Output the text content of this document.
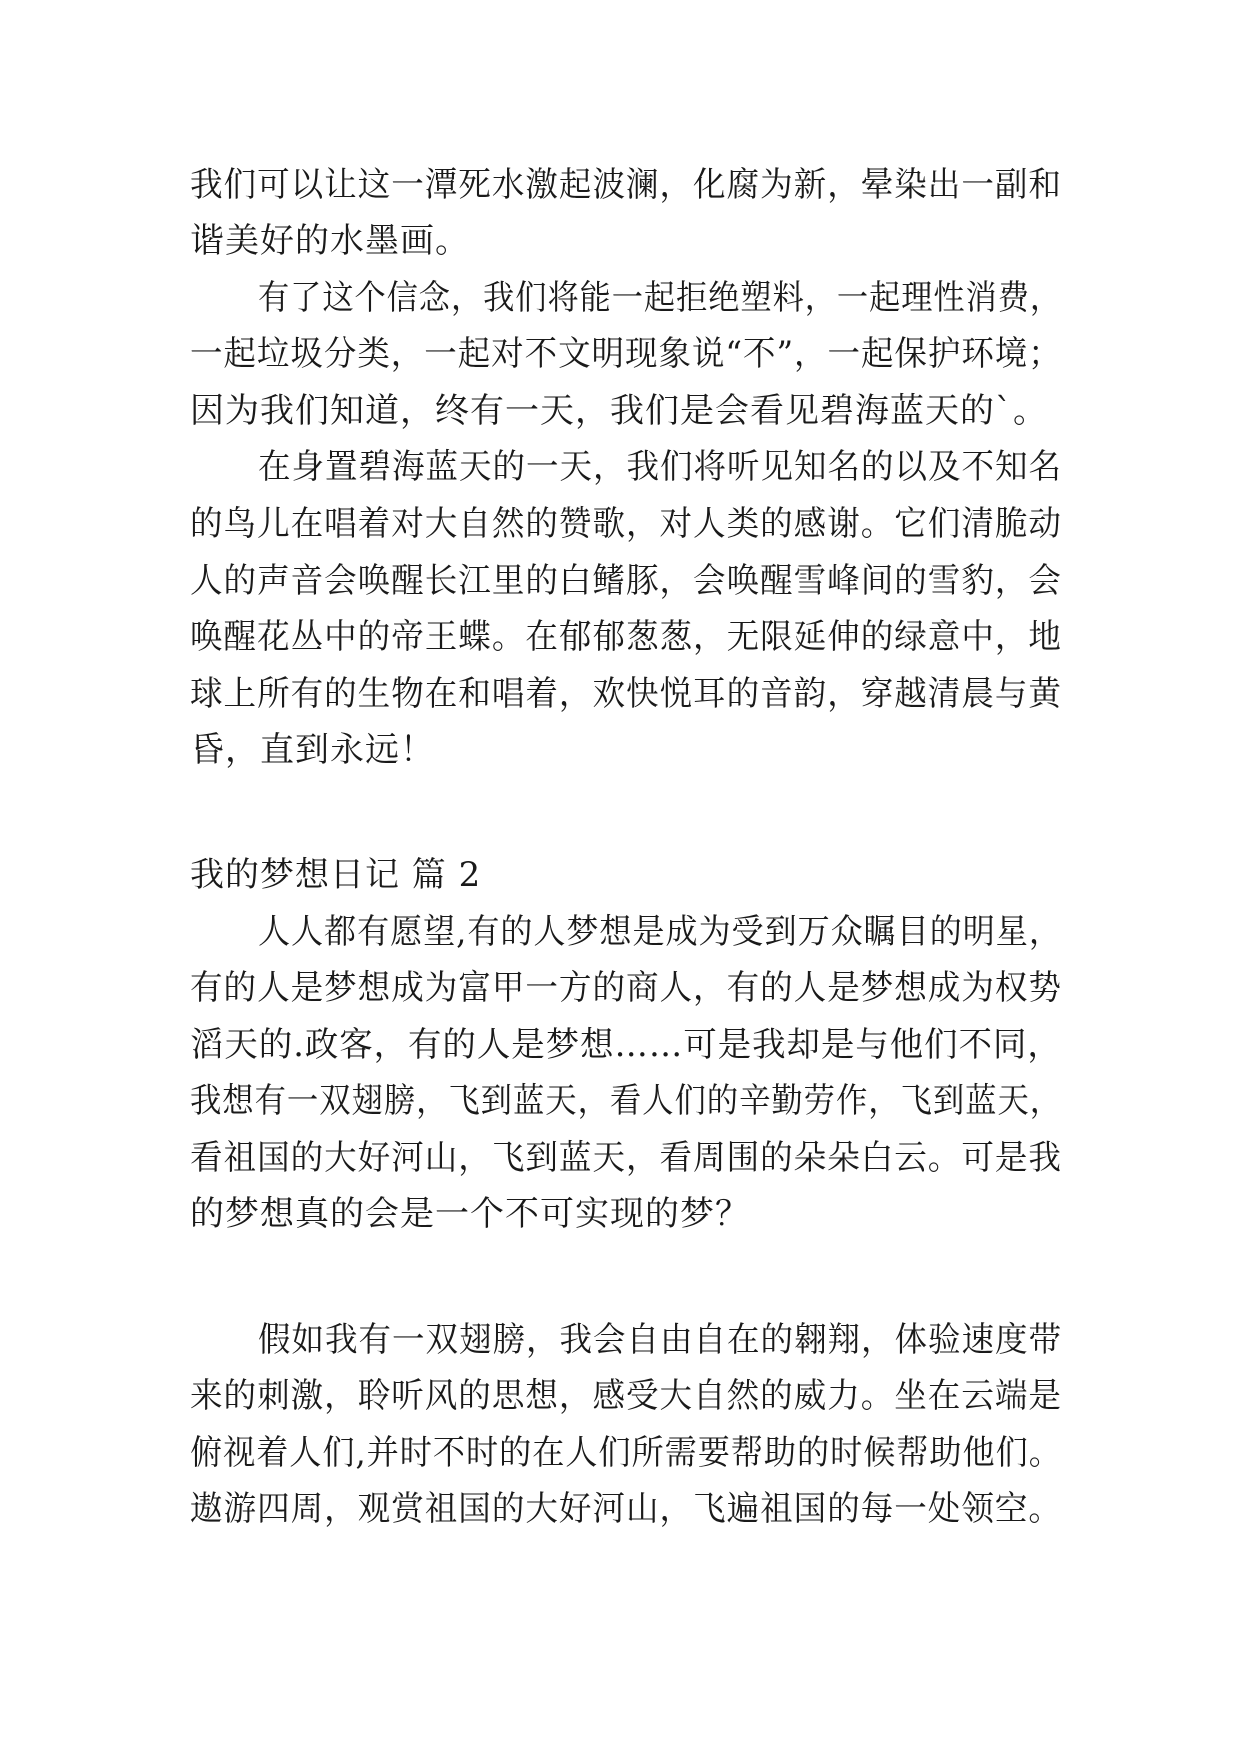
我们可以让这一潭死水激起波澜，化腐为新，晕染出一副和
谐美好的水墨画。
有了这个信念，我们将能一起拒绝塑料，一起理性消费，
一起垃圾分类，一起对不文明现象说“不”，一起保护环境；
因为我们知道，终有一天，我们是会看见碧海蓝天的`。
在身置碧海蓝天的一天，我们将听见知名的以及不知名
的鸟儿在唱着对大自然的赞歌，对人类的感谢。它们清脆动
人的声音会唤醒长江里的白鳍豚，会唤醒雪峰间的雪豹，会
唤醒花丛中的帝王蝶。在郁郁葱葱，无限延伸的绿意中，地
球上所有的生物在和唱着，欢快悦耳的音韵，穿越清晨与黄
昏，直到永远！
我的梦想日记 篇 2
人人都有愿望,有的人梦想是成为受到万众瞩目的明星，
有的人是梦想成为富甲一方的商人，有的人是梦想成为权势
滔天的.政客，有的人是梦想……可是我却是与他们不同，
我想有一双翅膀，飞到蓝天，看人们的辛勤劳作，飞到蓝天，
看祖国的大好河山，飞到蓝天，看周围的朵朵白云。可是我
的梦想真的会是一个不可实现的梦？
假如我有一双翅膀，我会自由自在的翱翔，体验速度带
来的刺激，聆听风的思想，感受大自然的威力。坐在云端是
俯视着人们,并时不时的在人们所需要帮助的时候帮助他们。
遨游四周，观赏祖国的大好河山，飞遍祖国的每一处领空。
